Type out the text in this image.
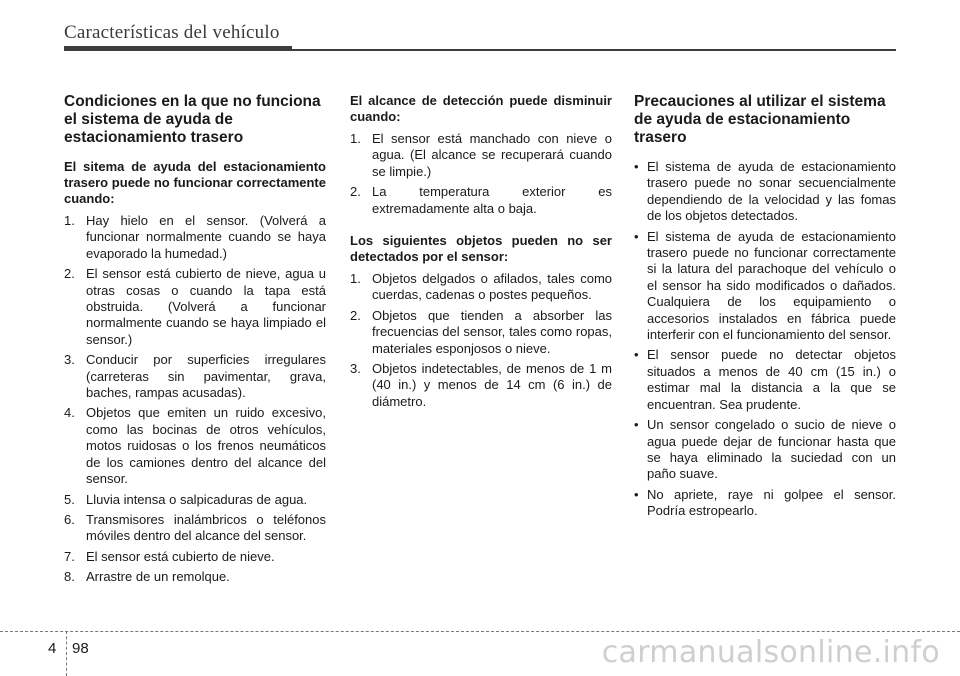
Características del vehículo
Condiciones en la que no funciona el sistema de ayuda de estacionamiento trasero

El sitema de ayuda del estacionamiento trasero puede no funcionar correctamente cuando:

1. Hay hielo en el sensor. (Volverá a funcionar normalmente cuando se haya evaporado la humedad.)
2. El sensor está cubierto de nieve, agua u otras cosas o cuando la tapa está obstruida. (Volverá a funcionar normalmente cuando se haya limpiado el sensor.)
3. Conducir por superficies irregulares (carreteras sin pavimentar, grava, baches, rampas acusadas).
4. Objetos que emiten un ruido excesivo, como las bocinas de otros vehículos, motos ruidosas o los frenos neumáticos de los camiones dentro del alcance del sensor.
5. Lluvia intensa o salpicaduras de agua.
6. Transmisores inalámbricos o teléfonos móviles dentro del alcance del sensor.
7. El sensor está cubierto de nieve.
8. Arrastre de un remolque.

El alcance de detección puede disminuir cuando:

1. El sensor está manchado con nieve o agua. (El alcance se recuperará cuando se limpie.)
2. La temperatura exterior es extremadamente alta o baja.

Los siguientes objetos pueden no ser detectados por el sensor:

1. Objetos delgados o afilados, tales como cuerdas, cadenas o postes pequeños.
2. Objetos que tienden a absorber las frecuencias del sensor, tales como ropas, materiales esponjosos o nieve.
3. Objetos indetectables, de menos de 1 m (40 in.) y menos de 14 cm (6 in.) de diámetro.
Precauciones al utilizar el sistema de ayuda de estacionamiento trasero
• El sistema de ayuda de estacionamiento trasero puede no sonar secuencialmente dependiendo de la velocidad y las fomas de los objetos detectados.
• El sistema de ayuda de estacionamiento trasero puede no funcionar correctamente si la latura del parachoque del vehículo o el sensor ha sido modificados o dañados. Cualquiera de los equipamiento o accesorios instalados en fábrica puede interferir con el funcionamiento del sensor.
• El sensor puede no detectar objetos situados a menos de 40 cm (15 in.) o estimar mal la distancia a la que se encuentran. Sea prudente.
• Un sensor congelado o sucio de nieve o agua puede dejar de funcionar hasta que se haya eliminado la suciedad con un paño suave.
• No apriete, raye ni golpee el sensor. Podría estropearlo.
4 98	carmanualsonline.info
